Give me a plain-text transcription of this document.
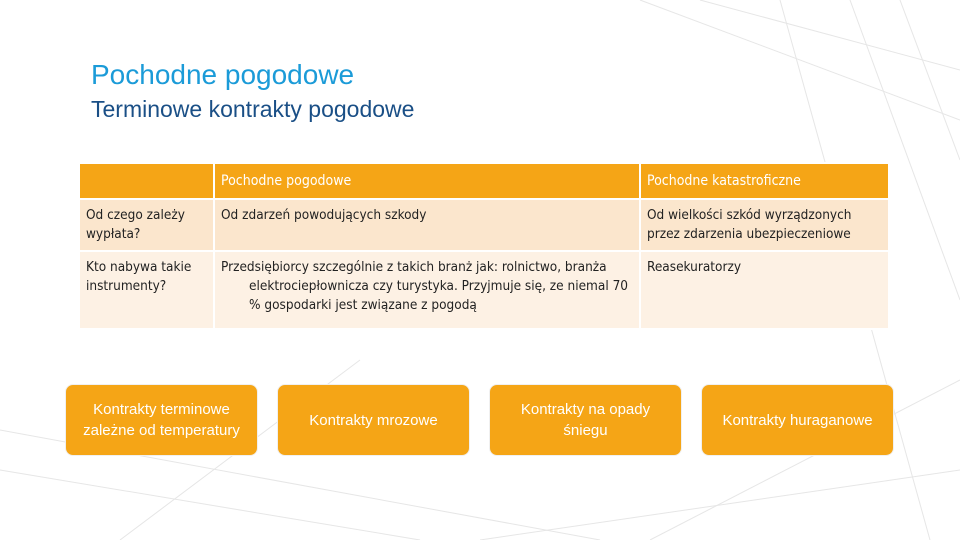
Pochodne pogodowe
Terminowe kontrakty pogodowe
	Pochodne pogodowe	Pochodne katastroficzne
Od czego zależy wypłata?	Od zdarzeń powodujących szkody	Od wielkości szkód wyrządzonych przez zdarzenia ubezpieczeniowe
Kto nabywa takie instrumenty?	Przedsiębiorcy szczególnie z takich branż jak: rolnictwo, branża elektrociepłownicza czy turystyka. Przyjmuje się, ze niemal 70 % gospodarki jest związane z pogodą	Reasekuratorzy
Kontrakty terminowe zależne od temperatury
Kontrakty mrozowe
Kontrakty na opady śniegu
Kontrakty huraganowe
